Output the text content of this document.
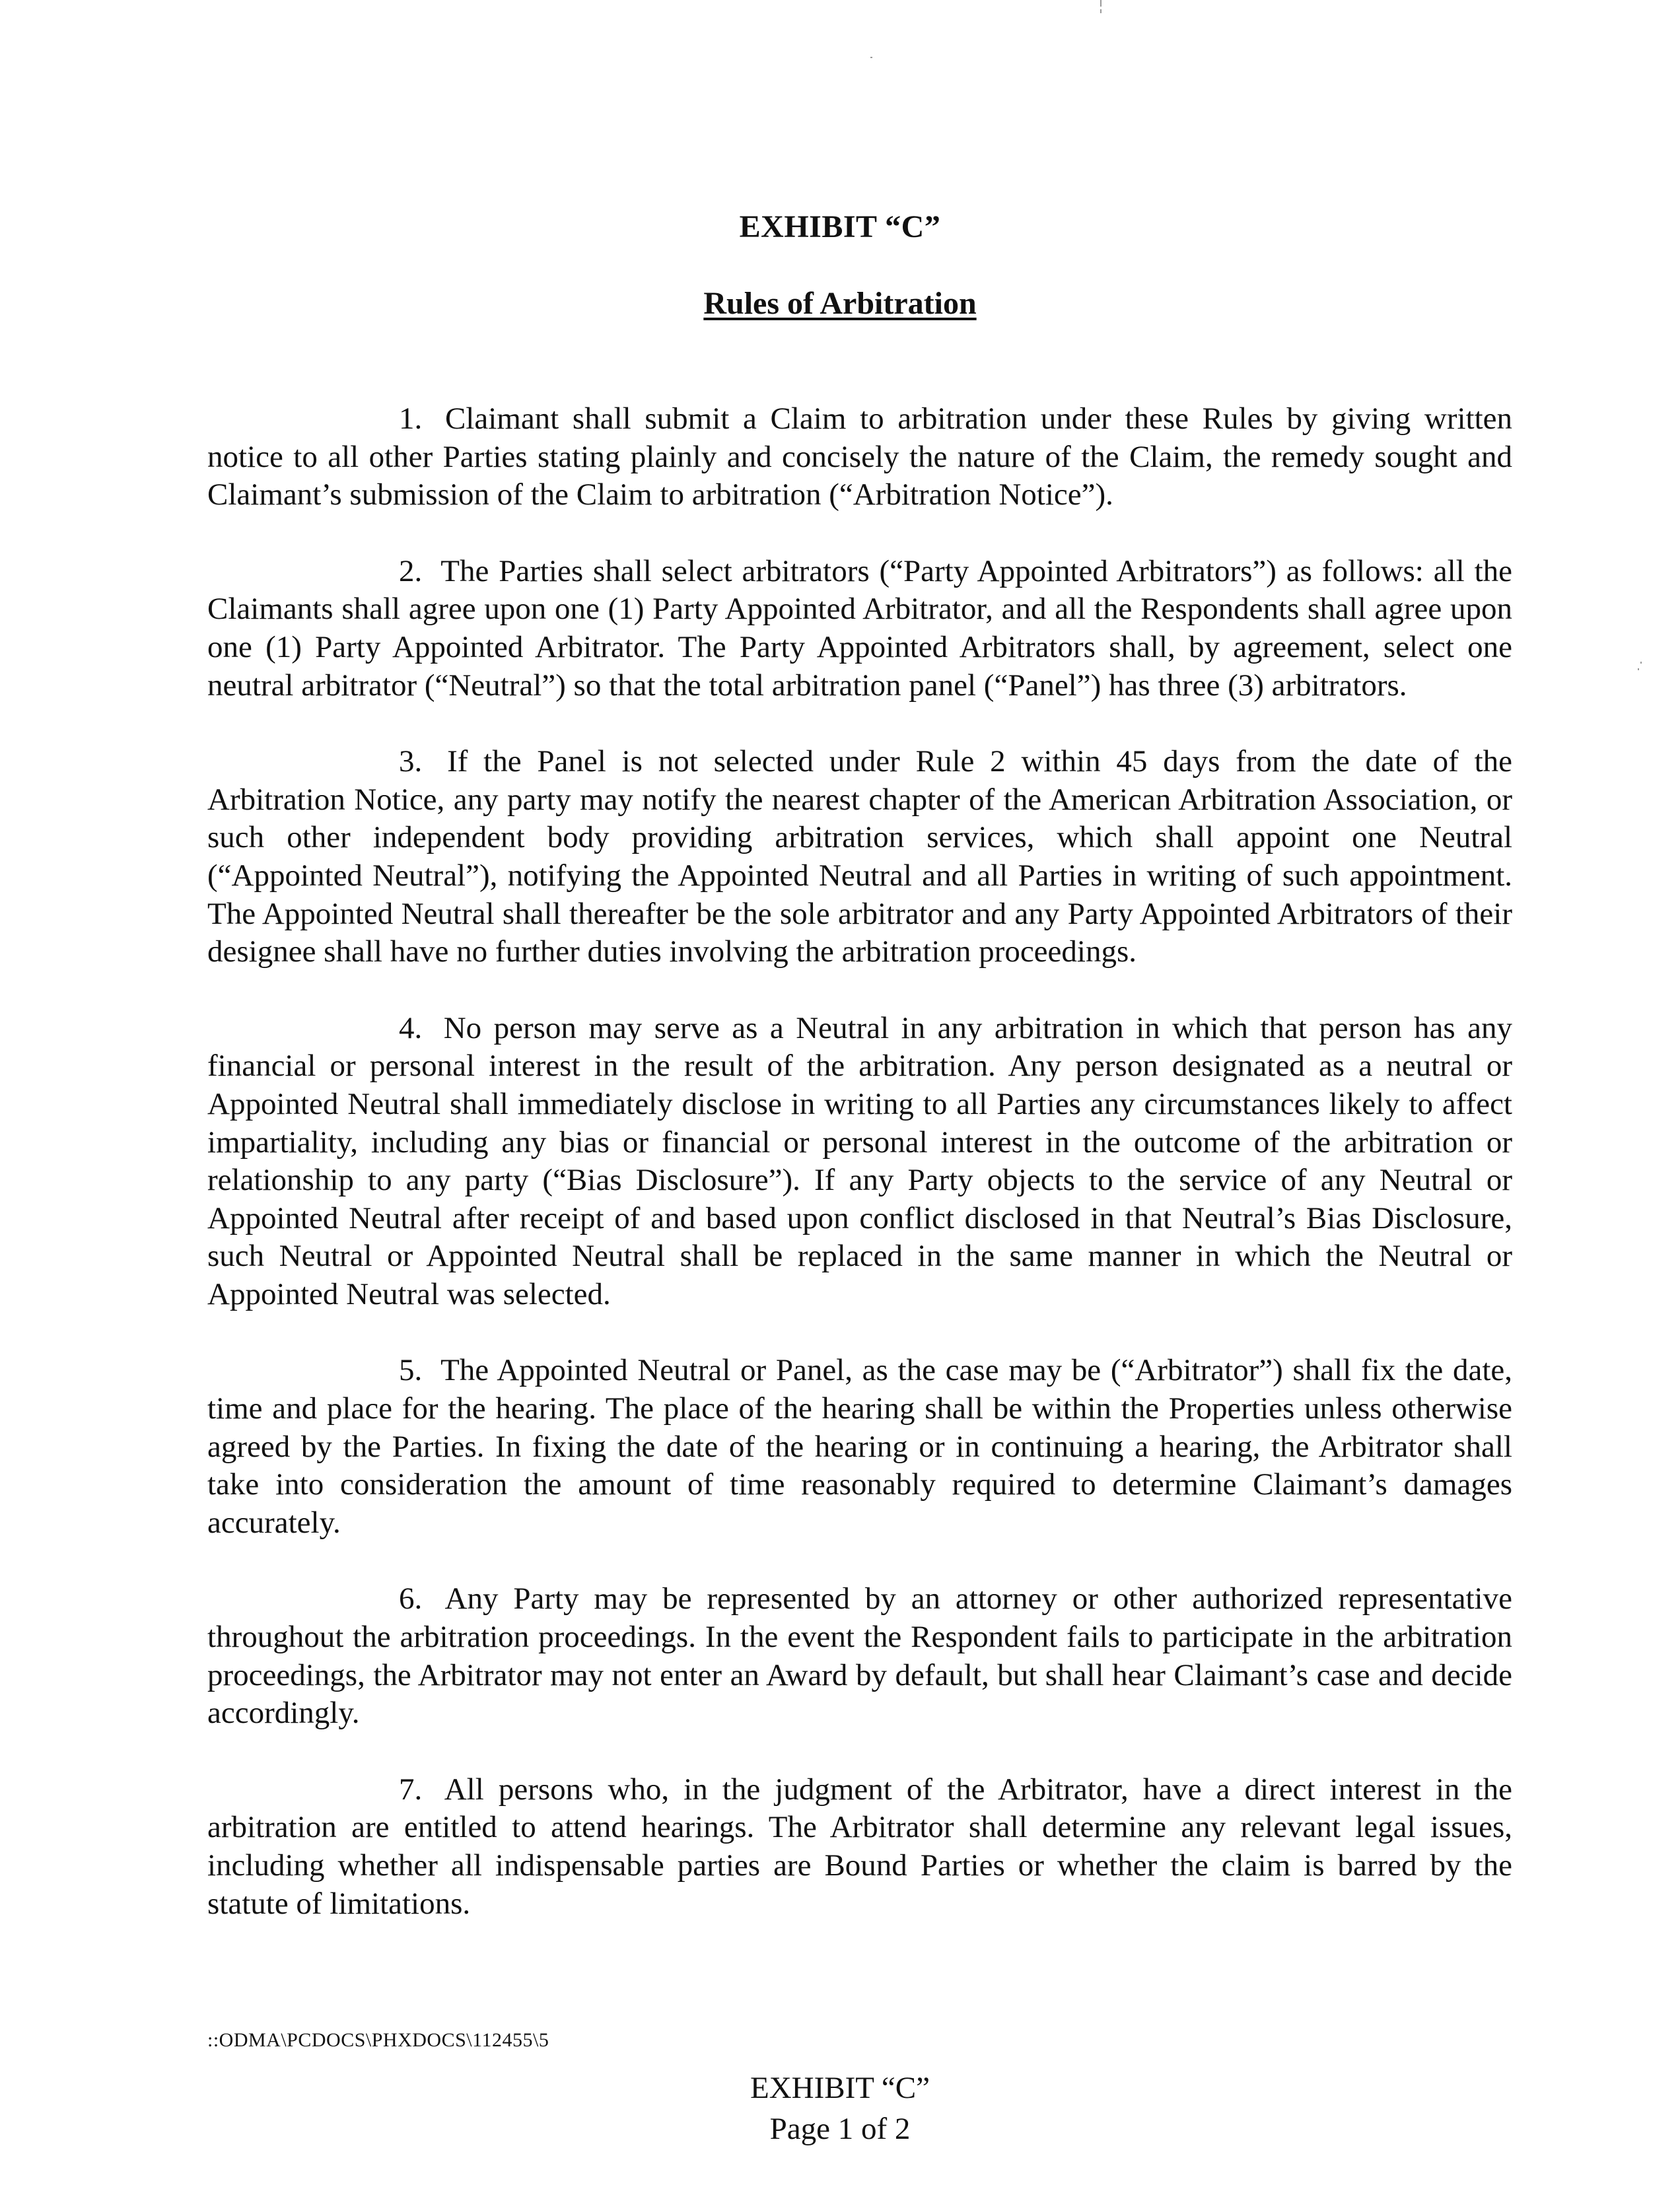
EXHIBIT “C”
Rules of Arbitration

1. Claimant shall submit a Claim to arbitration under these Rules by giving written notice to all other Parties stating plainly and concisely the nature of the Claim, the remedy sought and Claimant’s submission of the Claim to arbitration (“Arbitration Notice”).

2. The Parties shall select arbitrators (“Party Appointed Arbitrators”) as follows: all the Claimants shall agree upon one (1) Party Appointed Arbitrator, and all the Respondents shall agree upon one (1) Party Appointed Arbitrator. The Party Appointed Arbitrators shall, by agreement, select one neutral arbitrator (“Neutral”) so that the total arbitration panel (“Panel”) has three (3) arbitrators.

3. If the Panel is not selected under Rule 2 within 45 days from the date of the Arbitration Notice, any party may notify the nearest chapter of the American Arbitration Association, or such other independent body providing arbitration services, which shall appoint one Neutral (“Appointed Neutral”), notifying the Appointed Neutral and all Parties in writing of such appointment. The Appointed Neutral shall thereafter be the sole arbitrator and any Party Appointed Arbitrators of their designee shall have no further duties involving the arbitration proceedings.

4. No person may serve as a Neutral in any arbitration in which that person has any financial or personal interest in the result of the arbitration. Any person designated as a neutral or Appointed Neutral shall immediately disclose in writing to all Parties any circumstances likely to affect impartiality, including any bias or financial or personal interest in the outcome of the arbitration or relationship to any party (“Bias Disclosure”). If any Party objects to the service of any Neutral or Appointed Neutral after receipt of and based upon conflict disclosed in that Neutral’s Bias Disclosure, such Neutral or Appointed Neutral shall be replaced in the same manner in which the Neutral or Appointed Neutral was selected.

5. The Appointed Neutral or Panel, as the case may be (“Arbitrator”) shall fix the date, time and place for the hearing. The place of the hearing shall be within the Properties unless otherwise agreed by the Parties. In fixing the date of the hearing or in continuing a hearing, the Arbitrator shall take into consideration the amount of time reasonably required to determine Claimant’s damages accurately.

6. Any Party may be represented by an attorney or other authorized representative throughout the arbitration proceedings. In the event the Respondent fails to participate in the arbitration proceedings, the Arbitrator may not enter an Award by default, but shall hear Claimant’s case and decide accordingly.

7. All persons who, in the judgment of the Arbitrator, have a direct interest in the arbitration are entitled to attend hearings. The Arbitrator shall determine any relevant legal issues, including whether all indispensable parties are Bound Parties or whether the claim is barred by the statute of limitations.

::ODMA\PCDOCS\PHXDOCS\112455\5
EXHIBIT “C”
Page 1 of 2
